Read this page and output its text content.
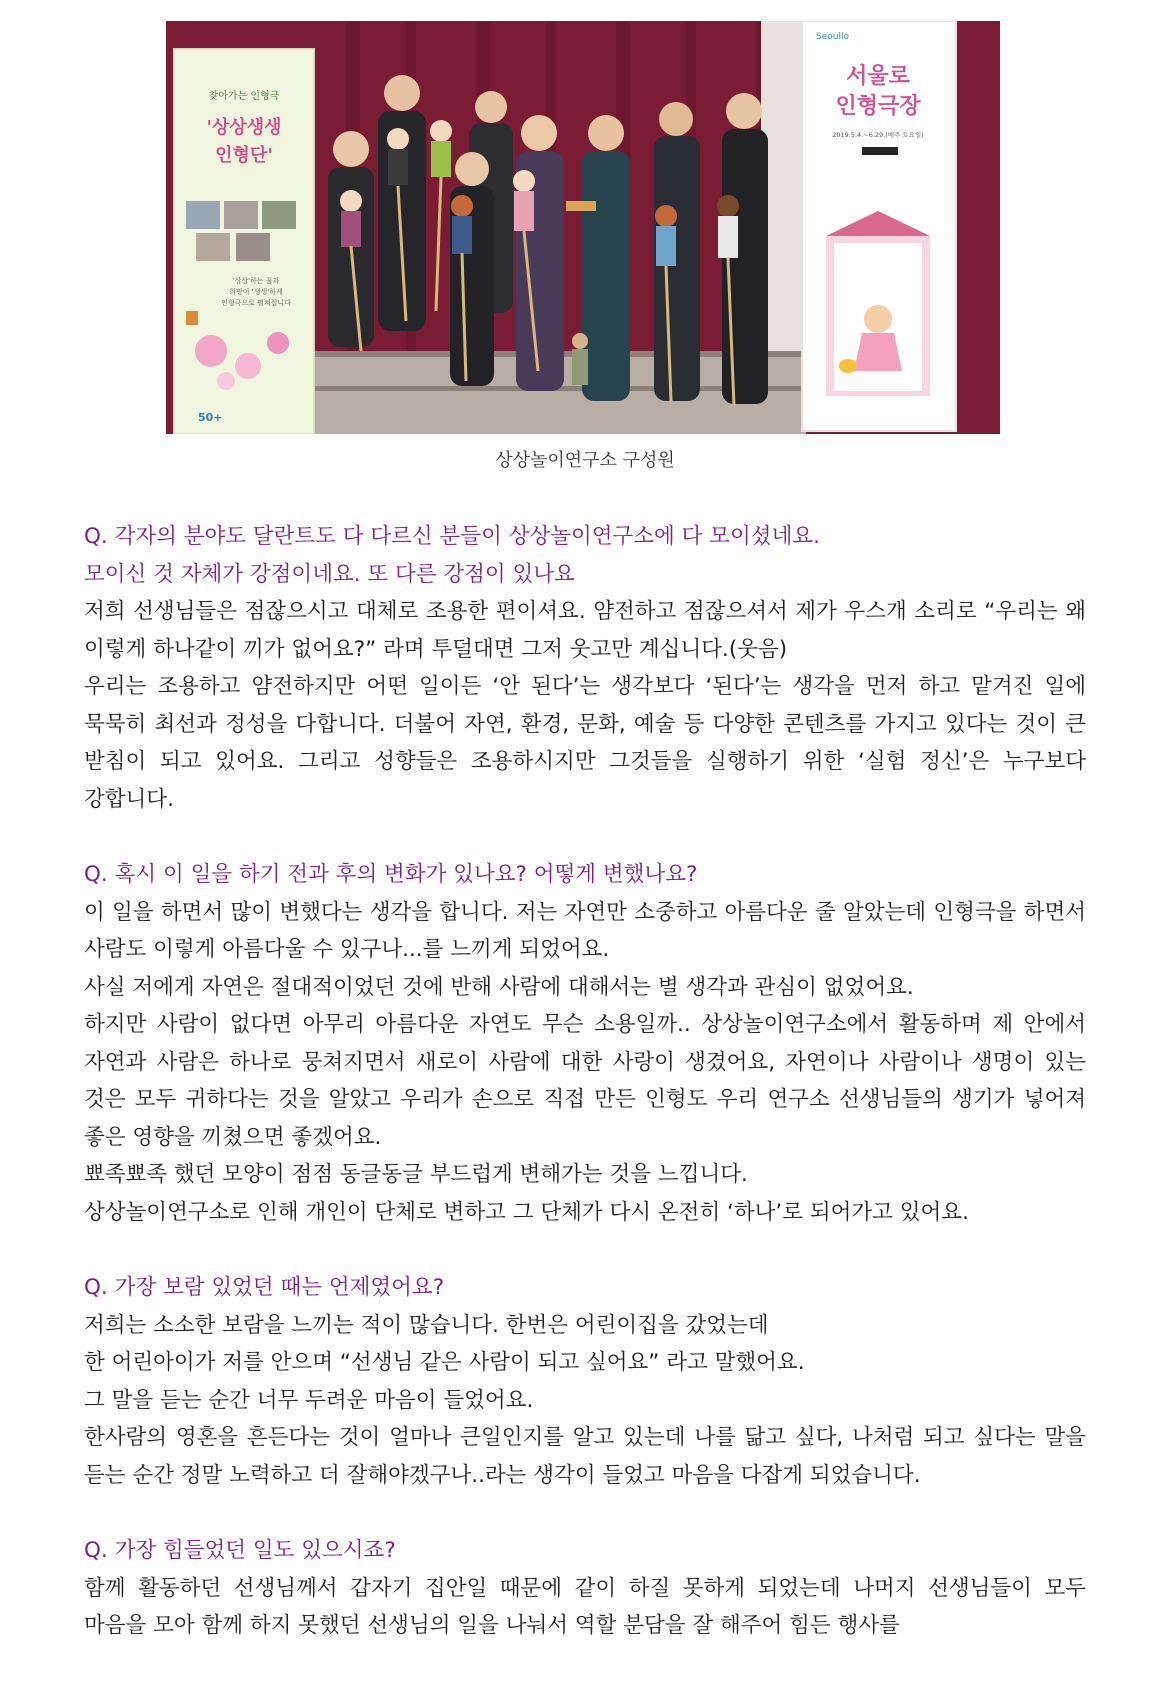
찾아가는 인형극
'상상생생
인형단'
'상상'하는 꿈과
희망이 '생생'하게
인형극으로 펼쳐집니다
50+
Seoullo
서울로
인형극장
2019.5.4.~6.29.(매주 토요일)
상상놀이연구소 구성원

Q. 각자의 분야도 달란트도 다 다르신 분들이 상상놀이연구소에 다 모이셨네요.

모이신 것 자체가 강점이네요. 또 다른 강점이 있나요

저희 선생님들은 점잖으시고 대체로 조용한 편이셔요. 얌전하고 점잖으셔서 제가 우스개 소리로 “우리는 왜 이렇게 하나같이 끼가 없어요?” 라며 투덜대면 그저 웃고만 계십니다.(웃음)

우리는 조용하고 얌전하지만 어떤 일이든 ‘안 된다’는 생각보다 ‘된다’는 생각을 먼저 하고 맡겨진 일에 묵묵히 최선과 정성을 다합니다. 더불어 자연, 환경, 문화, 예술 등 다양한 콘텐츠를 가지고 있다는 것이 큰 받침이 되고 있어요. 그리고 성향들은 조용하시지만 그것들을 실행하기 위한 ‘실험 정신’은 누구보다 강합니다.

Q. 혹시 이 일을 하기 전과 후의 변화가 있나요? 어떻게 변했나요?

이 일을 하면서 많이 변했다는 생각을 합니다. 저는 자연만 소중하고 아름다운 줄 알았는데 인형극을 하면서 사람도 이렇게 아름다울 수 있구나...를 느끼게 되었어요.

사실 저에게 자연은 절대적이었던 것에 반해 사람에 대해서는 별 생각과 관심이 없었어요.

하지만 사람이 없다면 아무리 아름다운 자연도 무슨 소용일까.. 상상놀이연구소에서 활동하며 제 안에서 자연과 사람은 하나로 뭉쳐지면서 새로이 사람에 대한 사랑이 생겼어요, 자연이나 사람이나 생명이 있는 것은 모두 귀하다는 것을 알았고 우리가 손으로 직접 만든 인형도 우리 연구소 선생님들의 생기가 넣어져 좋은 영향을 끼쳤으면 좋겠어요.

뾰족뾰족 했던 모양이 점점 동글동글 부드럽게 변해가는 것을 느낍니다.

상상놀이연구소로 인해 개인이 단체로 변하고 그 단체가 다시 온전히 ‘하나’로 되어가고 있어요.

Q. 가장 보람 있었던 때는 언제였어요?

저희는 소소한 보람을 느끼는 적이 많습니다. 한번은 어린이집을 갔었는데

한 어린아이가 저를 안으며 “선생님 같은 사람이 되고 싶어요” 라고 말했어요.

그 말을 듣는 순간 너무 두려운 마음이 들었어요.

한사람의 영혼을 흔든다는 것이 얼마나 큰일인지를 알고 있는데 나를 닮고 싶다, 나처럼 되고 싶다는 말을 듣는 순간 정말 노력하고 더 잘해야겠구나..라는 생각이 들었고 마음을 다잡게 되었습니다.

Q. 가장 힘들었던 일도 있으시죠?

함께 활동하던 선생님께서 갑자기 집안일 때문에 같이 하질 못하게 되었는데 나머지 선생님들이 모두 마음을 모아 함께 하지 못했던 선생님의 일을 나눠서 역할 분담을 잘 해주어 힘든 행사를
